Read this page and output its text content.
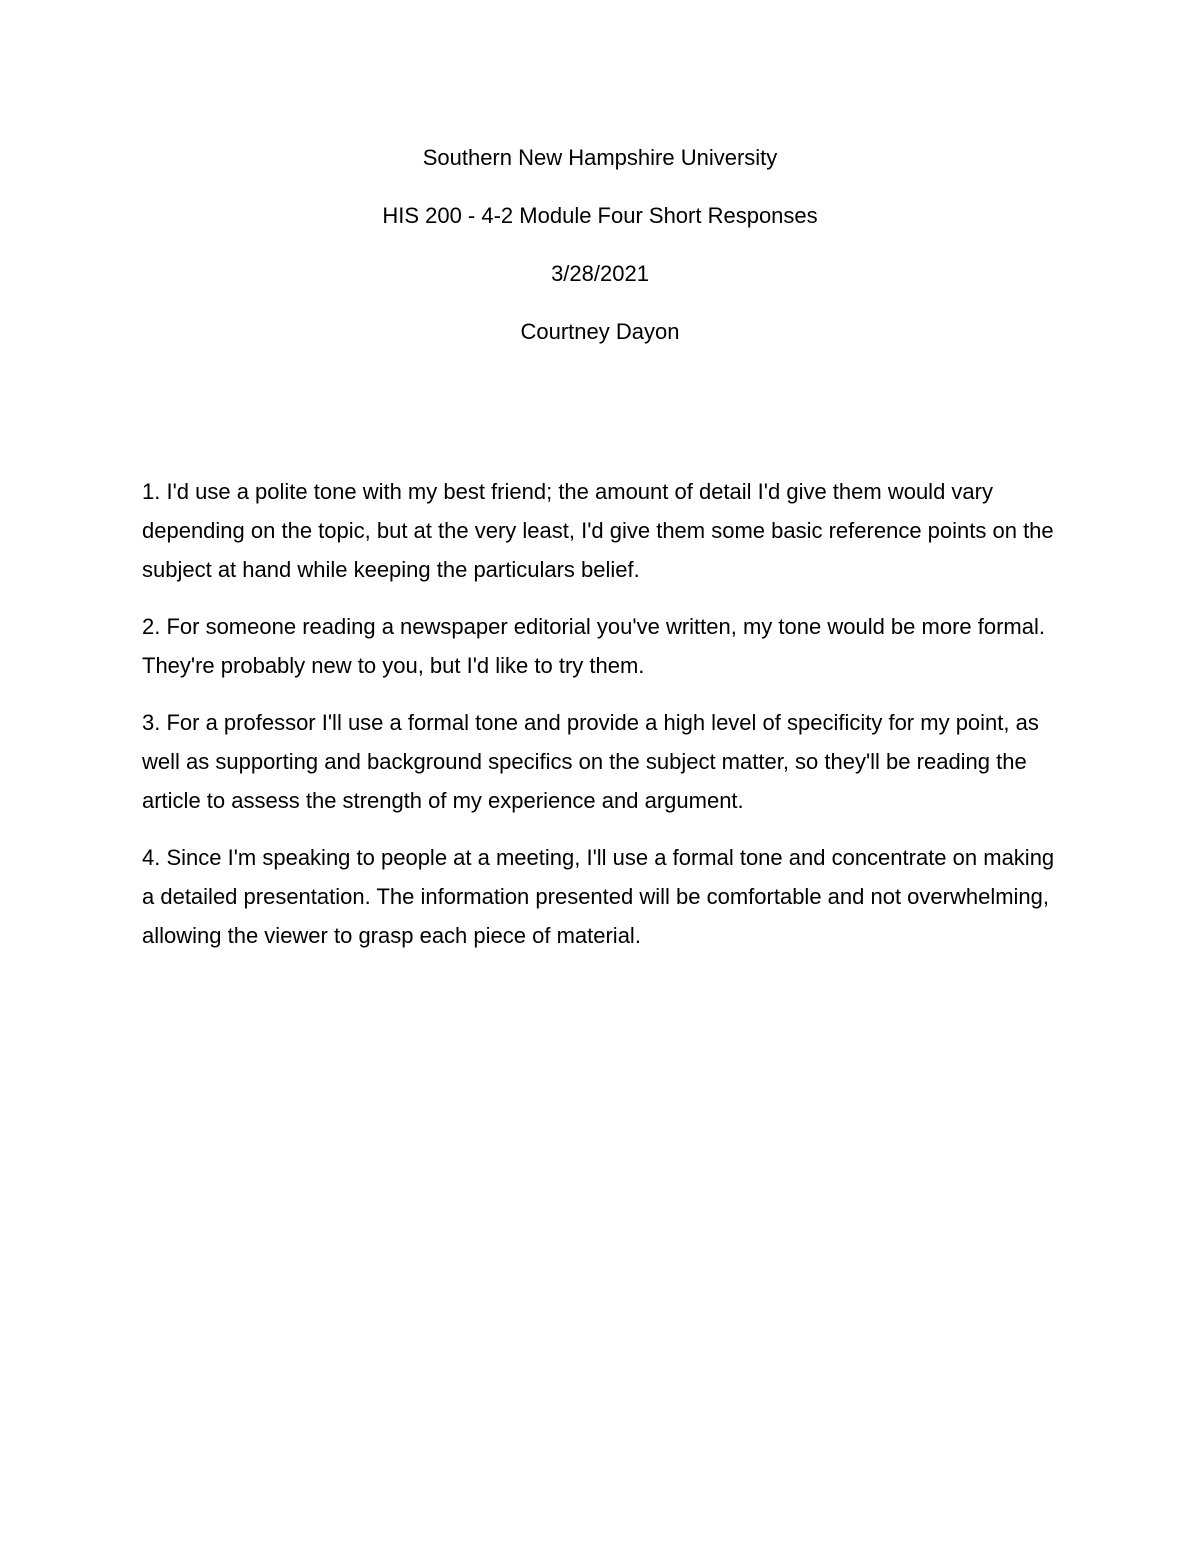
Southern New Hampshire University
HIS 200 - 4-2 Module Four Short Responses
3/28/2021
Courtney Dayon

1. I'd use a polite tone with my best friend; the amount of detail I'd give them would vary depending on the topic, but at the very least, I'd give them some basic reference points on the subject at hand while keeping the particulars belief.

2. For someone reading a newspaper editorial you've written, my tone would be more formal. They're probably new to you, but I'd like to try them.

3. For a professor I'll use a formal tone and provide a high level of specificity for my point, as well as supporting and background specifics on the subject matter, so they'll be reading the article to assess the strength of my experience and argument.

4. Since I'm speaking to people at a meeting, I'll use a formal tone and concentrate on making a detailed presentation. The information presented will be comfortable and not overwhelming, allowing the viewer to grasp each piece of material.
